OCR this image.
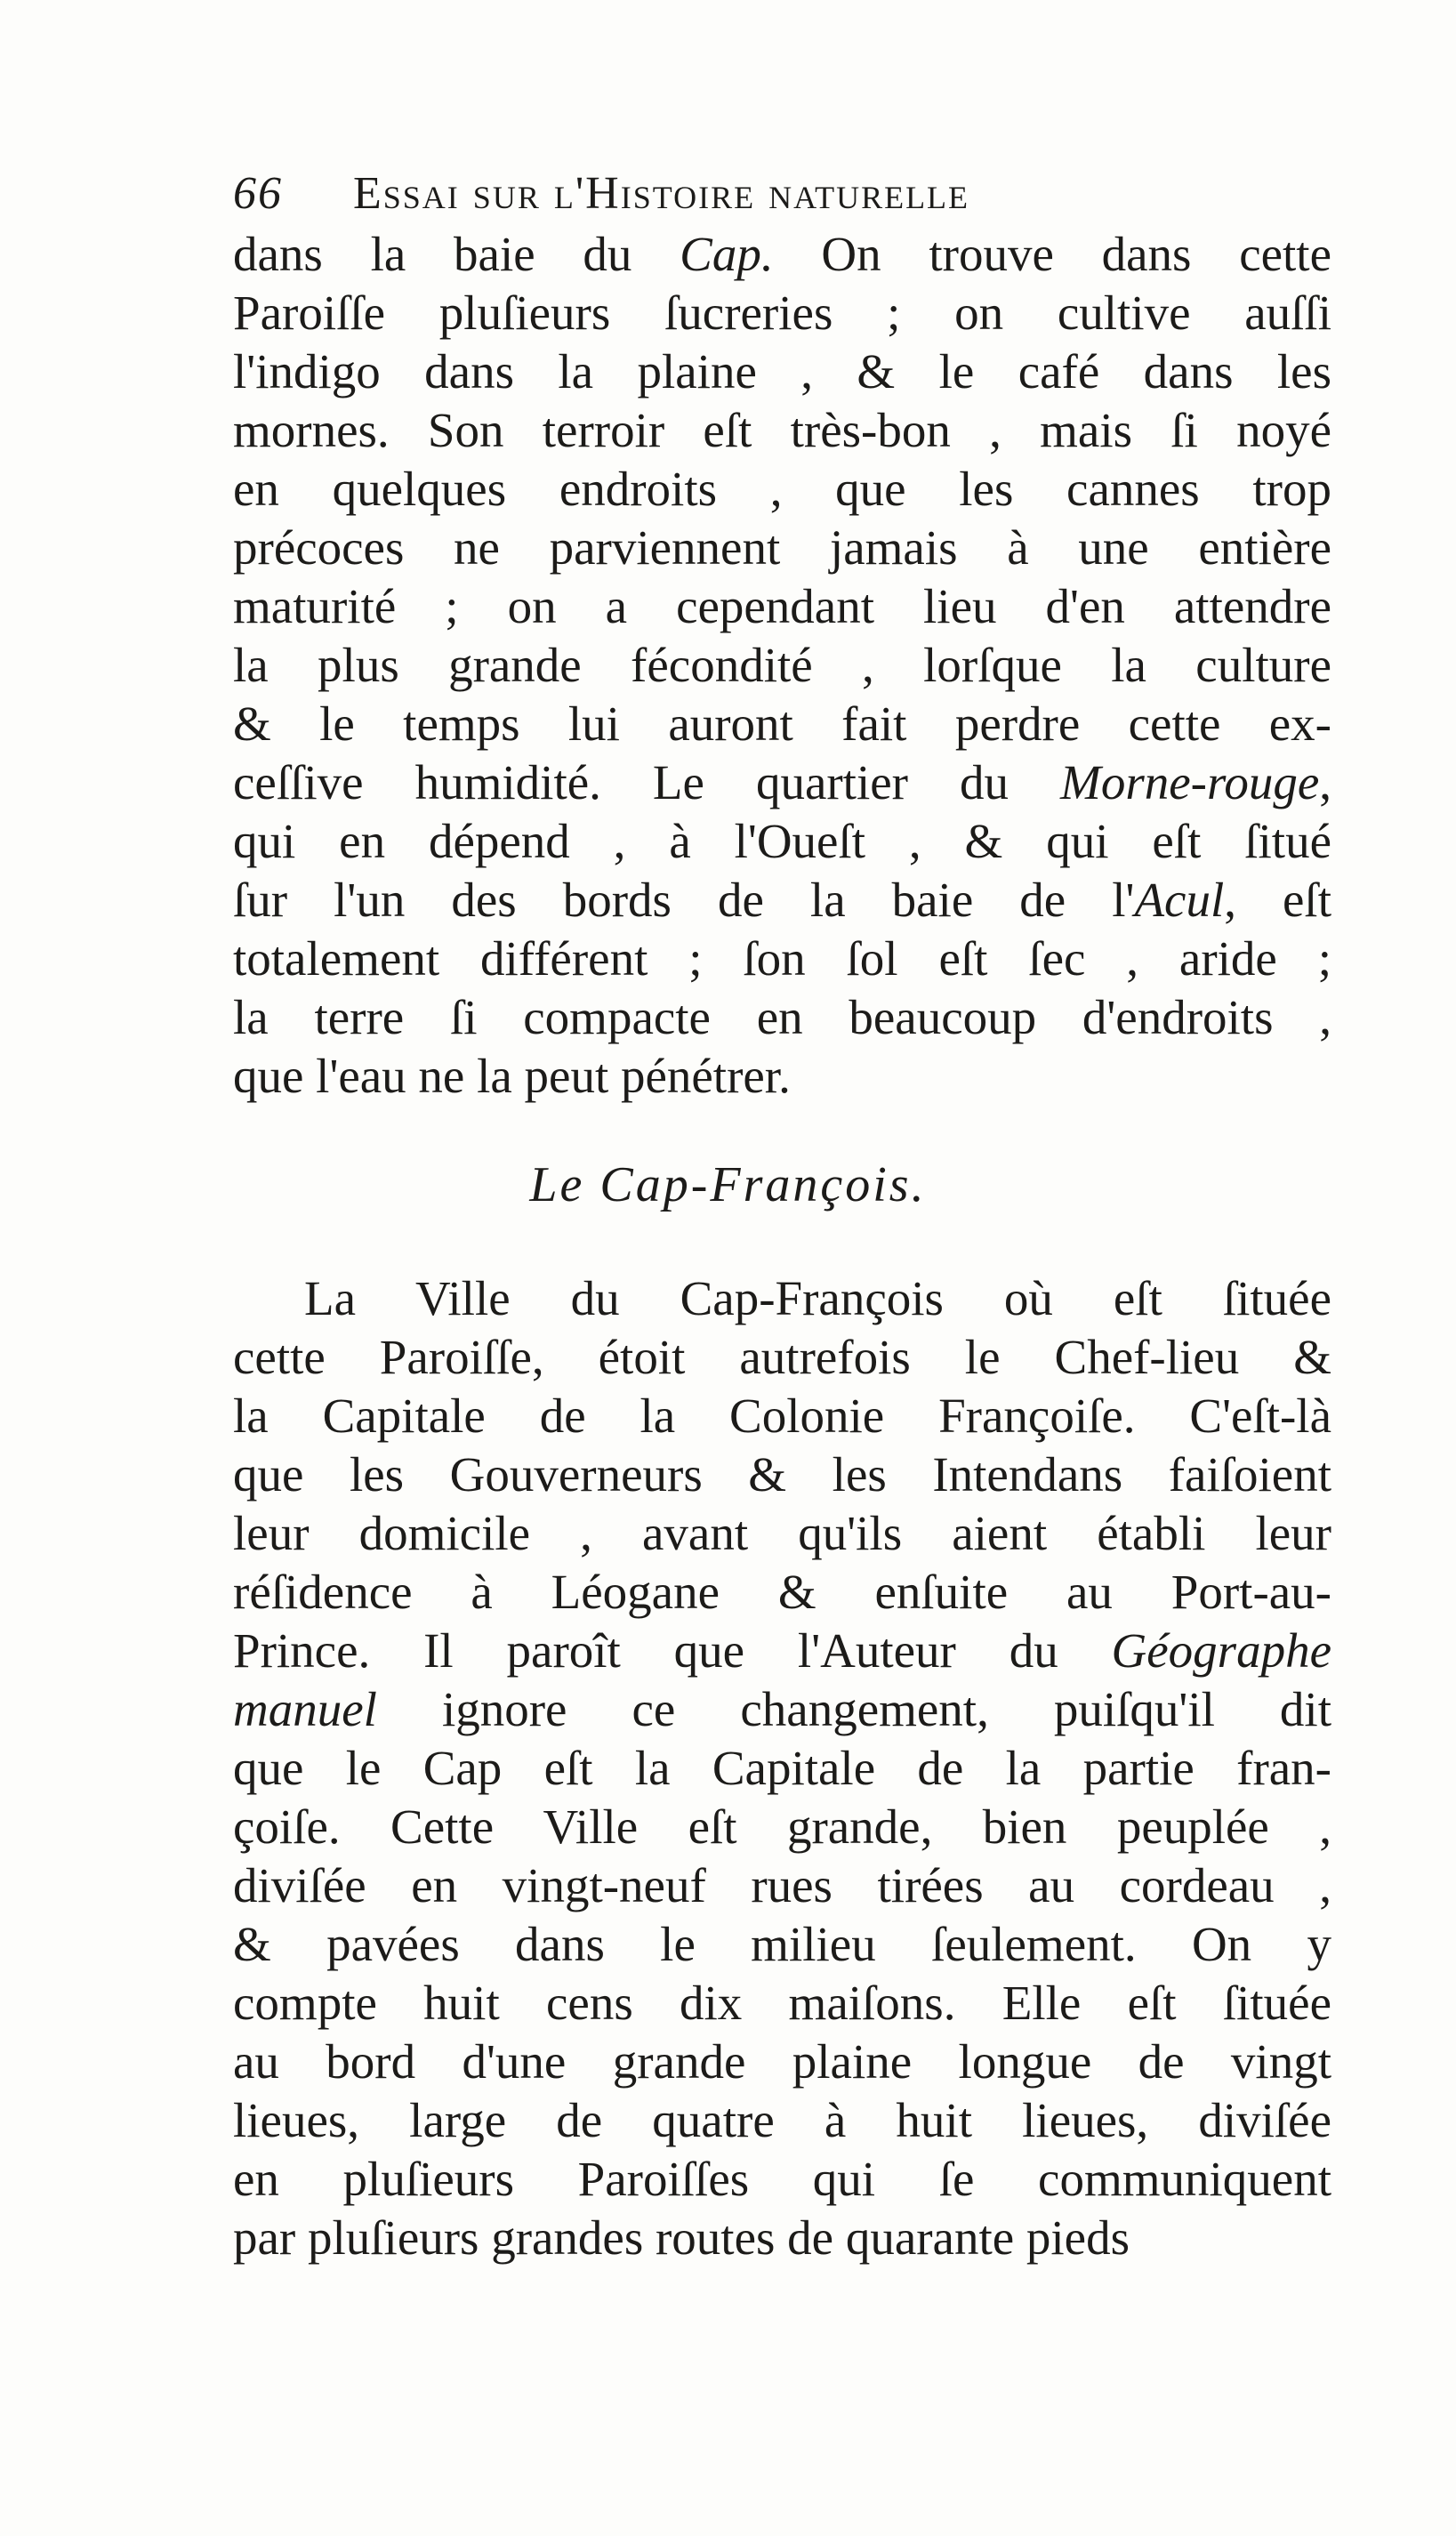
66 Essai sur l'Histoire naturelle
dans la baie du Cap. On trouve dans cette
Paroiſſe pluſieurs ſucreries ; on cultive auſſi
l'indigo dans la plaine , & le café dans les
mornes. Son terroir eſt très-bon , mais ſi noyé
en quelques endroits , que les cannes trop
précoces ne parviennent jamais à une entière
maturité ; on a cependant lieu d'en attendre
la plus grande fécondité , lorſque la culture
& le temps lui auront fait perdre cette ex-
ceſſive humidité. Le quartier du Morne-rouge,
qui en dépend , à l'Oueſt , & qui eſt ſitué
ſur l'un des bords de la baie de l'Acul, eſt
totalement différent ; ſon ſol eſt ſec , aride ;
la terre ſi compacte en beaucoup d'endroits ,
que l'eau ne la peut pénétrer.
Le Cap-François.
La Ville du Cap-François où eſt ſituée
cette Paroiſſe, étoit autrefois le Chef-lieu &
la Capitale de la Colonie Françoiſe. C'eſt-là
que les Gouverneurs & les Intendans faiſoient
leur domicile , avant qu'ils aient établi leur
réſidence à Léogane & enſuite au Port-au-
Prince. Il paroît que l'Auteur du Géographe
manuel ignore ce changement, puiſqu'il dit
que le Cap eſt la Capitale de la partie fran-
çoiſe. Cette Ville eſt grande, bien peuplée ,
diviſée en vingt-neuf rues tirées au cordeau ,
& pavées dans le milieu ſeulement. On y
compte huit cens dix maiſons. Elle eſt ſituée
au bord d'une grande plaine longue de vingt
lieues, large de quatre à huit lieues, diviſée
en pluſieurs Paroiſſes qui ſe communiquent
par pluſieurs grandes routes de quarante pieds
